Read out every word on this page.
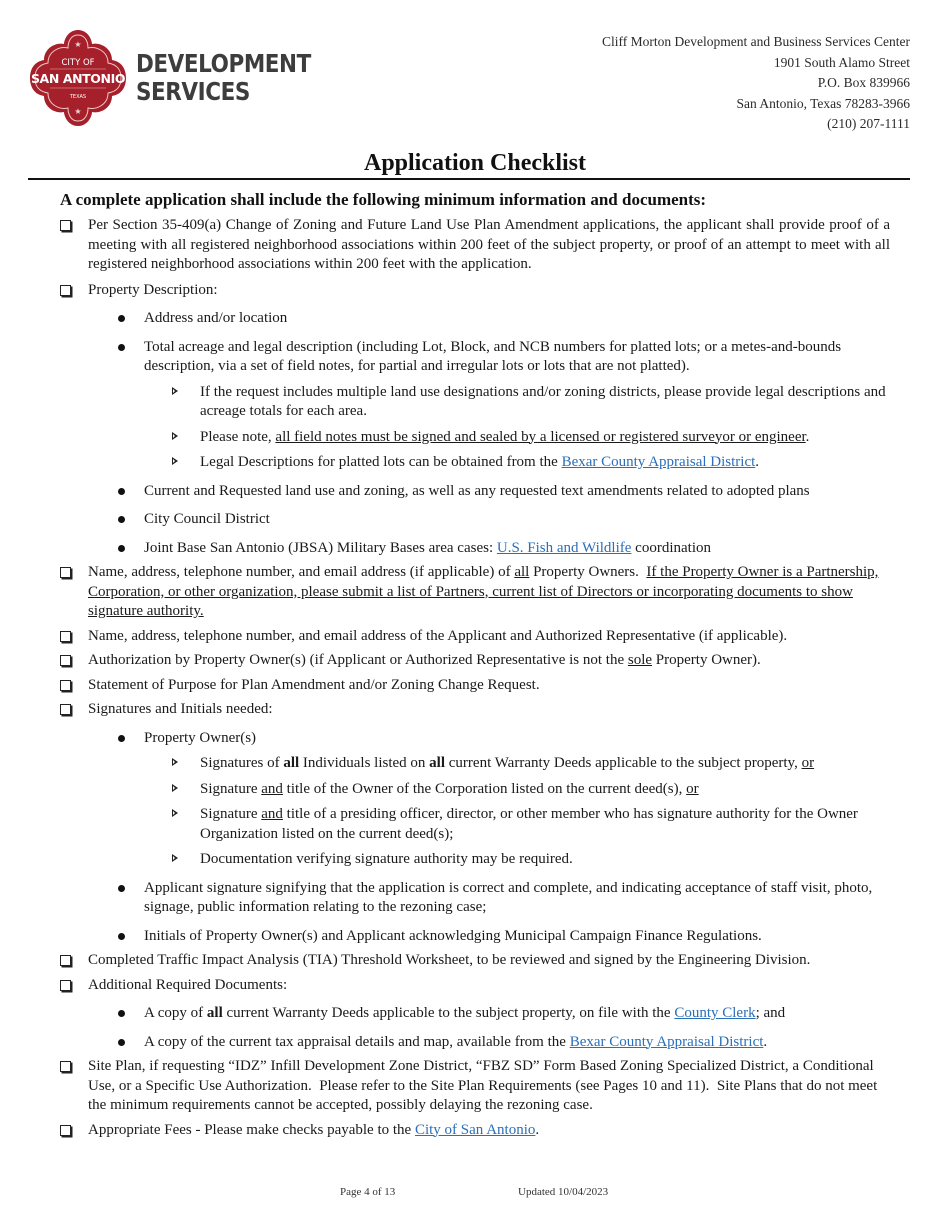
★
CITY OF
SAN ANTONIO
TEXAS
★
DEVELOPMENT
SERVICES
Cliff Morton Development and Business Services Center
1901 South Alamo Street
P.O. Box 839966
San Antonio, Texas 78283-3966
(210) 207-1111
Application Checklist
A complete application shall include the following minimum information and documents:
Per Section 35-409(a) Change of Zoning and Future Land Use Plan Amendment applications, the applicant shall provide proof of a meeting with all registered neighborhood associations within 200 feet of the subject property, or proof of an attempt to meet with all registered neighborhood associations within 200 feet with the application.
Property Description:
Address and/or location
Total acreage and legal description (including Lot, Block, and NCB numbers for platted lots; or a metes-and-bounds description, via a set of field notes, for partial and irregular lots or lots that are not platted).
If the request includes multiple land use designations and/or zoning districts, please provide legal descriptions and acreage totals for each area.
Please note, all field notes must be signed and sealed by a licensed or registered surveyor or engineer.
Legal Descriptions for platted lots can be obtained from the Bexar County Appraisal District.
Current and Requested land use and zoning, as well as any requested text amendments related to adopted plans
City Council District
Joint Base San Antonio (JBSA) Military Bases area cases: U.S. Fish and Wildlife coordination
Name, address, telephone number, and email address (if applicable) of all Property Owners.  If the Property Owner is a Partnership, Corporation, or other organization, please submit a list of Partners, current list of Directors or incorporating documents to show signature authority.
Name, address, telephone number, and email address of the Applicant and Authorized Representative (if applicable).
Authorization by Property Owner(s) (if Applicant or Authorized Representative is not the sole Property Owner).
Statement of Purpose for Plan Amendment and/or Zoning Change Request.
Signatures and Initials needed:
Property Owner(s)
Signatures of all Individuals listed on all current Warranty Deeds applicable to the subject property, or
Signature and title of the Owner of the Corporation listed on the current deed(s), or
Signature and title of a presiding officer, director, or other member who has signature authority for the Owner Organization listed on the current deed(s);
Documentation verifying signature authority may be required.
Applicant signature signifying that the application is correct and complete, and indicating acceptance of staff visit, photo, signage, public information relating to the rezoning case;
Initials of Property Owner(s) and Applicant acknowledging Municipal Campaign Finance Regulations.
Completed Traffic Impact Analysis (TIA) Threshold Worksheet, to be reviewed and signed by the Engineering Division.
Additional Required Documents:
A copy of all current Warranty Deeds applicable to the subject property, on file with the County Clerk; and
A copy of the current tax appraisal details and map, available from the Bexar County Appraisal District.
Site Plan, if requesting “IDZ” Infill Development Zone District, “FBZ SD” Form Based Zoning Specialized District, a Conditional Use, or a Specific Use Authorization.  Please refer to the Site Plan Requirements (see Pages 10 and 11).  Site Plans that do not meet the minimum requirements cannot be accepted, possibly delaying the rezoning case.
Appropriate Fees - Please make checks payable to the City of San Antonio.
Page 4 of 13	Updated 10/04/2023
